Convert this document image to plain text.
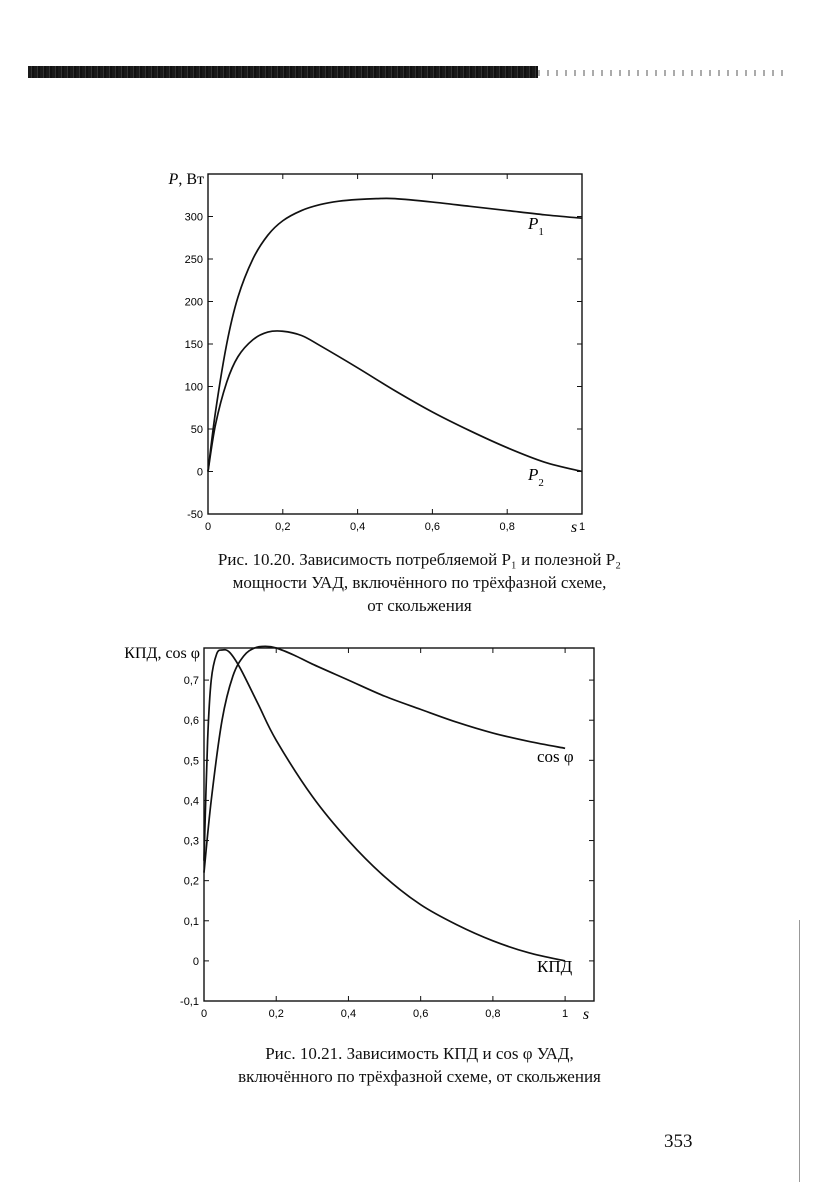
0	0,2	0,4	0,6	0,8	1
s
-50
0
50
100
150
200
250
300
P, Вт
$P_1$
$P_2$
Рис. 10.20. Зависимость потребляемой P₁ и полезной P₂
мощности УАД, включённого по трёхфазной схеме,
от скольжения
0	0,2	0,4	0,6	0,8	1 s
-0,1
0
0,1
0,2
0,3
0,4
0,5
0,6
0,7
КПД, cos φ
cos φ
КПД
Рис. 10.21. Зависимость КПД и cos φ УАД,
включённого по трёхфазной схеме, от скольжения
353
